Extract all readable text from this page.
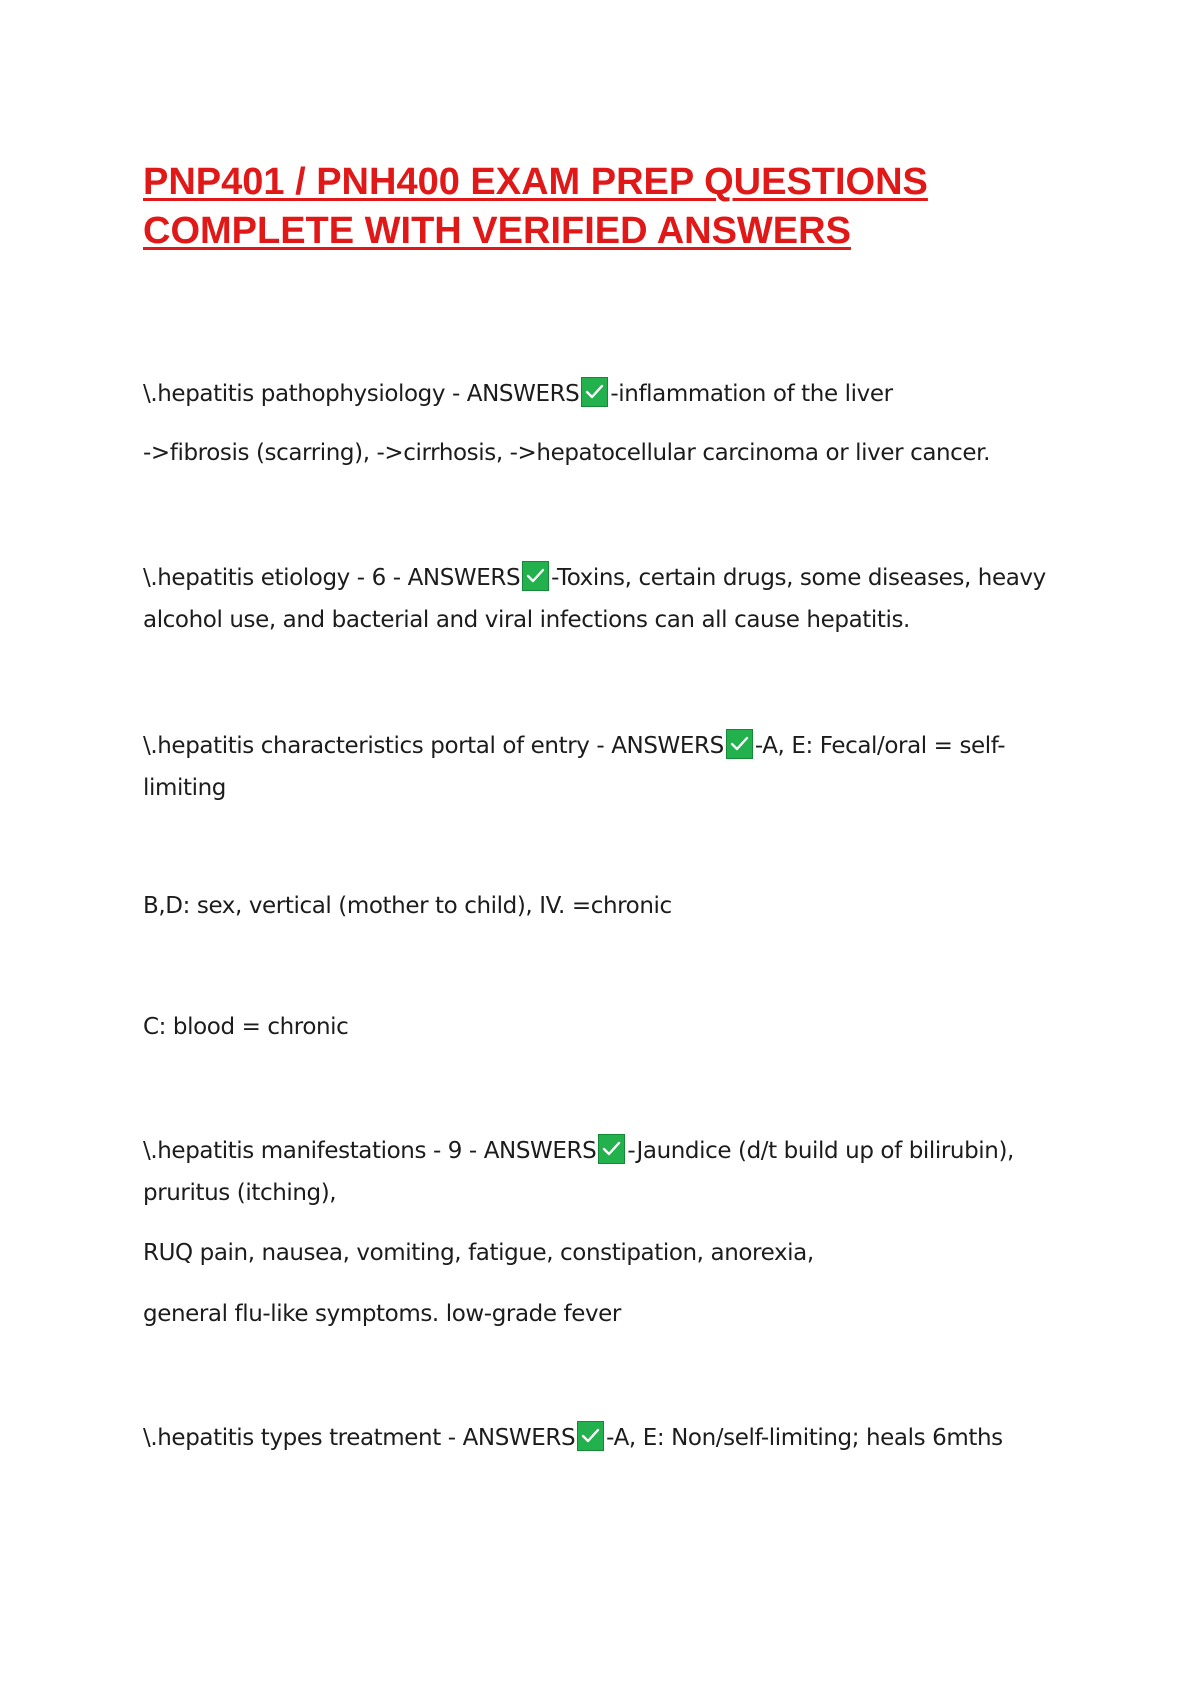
PNP401 / PNH400 EXAM PREP QUESTIONS
COMPLETE WITH VERIFIED ANSWERS

\.hepatitis pathophysiology - ANSWERS -inflammation of the liver

->fibrosis (scarring), ->cirrhosis, ->hepatocellular carcinoma or liver cancer.

\.hepatitis etiology - 6 - ANSWERS -Toxins, certain drugs, some diseases, heavy

alcohol use, and bacterial and viral infections can all cause hepatitis.

\.hepatitis characteristics portal of entry - ANSWERS -A, E: Fecal/oral = self-

limiting

B,D: sex, vertical (mother to child), IV. =chronic

C: blood = chronic

\.hepatitis manifestations - 9 - ANSWERS -Jaundice (d/t build up of bilirubin),

pruritus (itching),

RUQ pain, nausea, vomiting, fatigue, constipation, anorexia,

general flu-like symptoms. low-grade fever

\.hepatitis types treatment - ANSWERS -A, E: Non/self-limiting; heals 6mths
